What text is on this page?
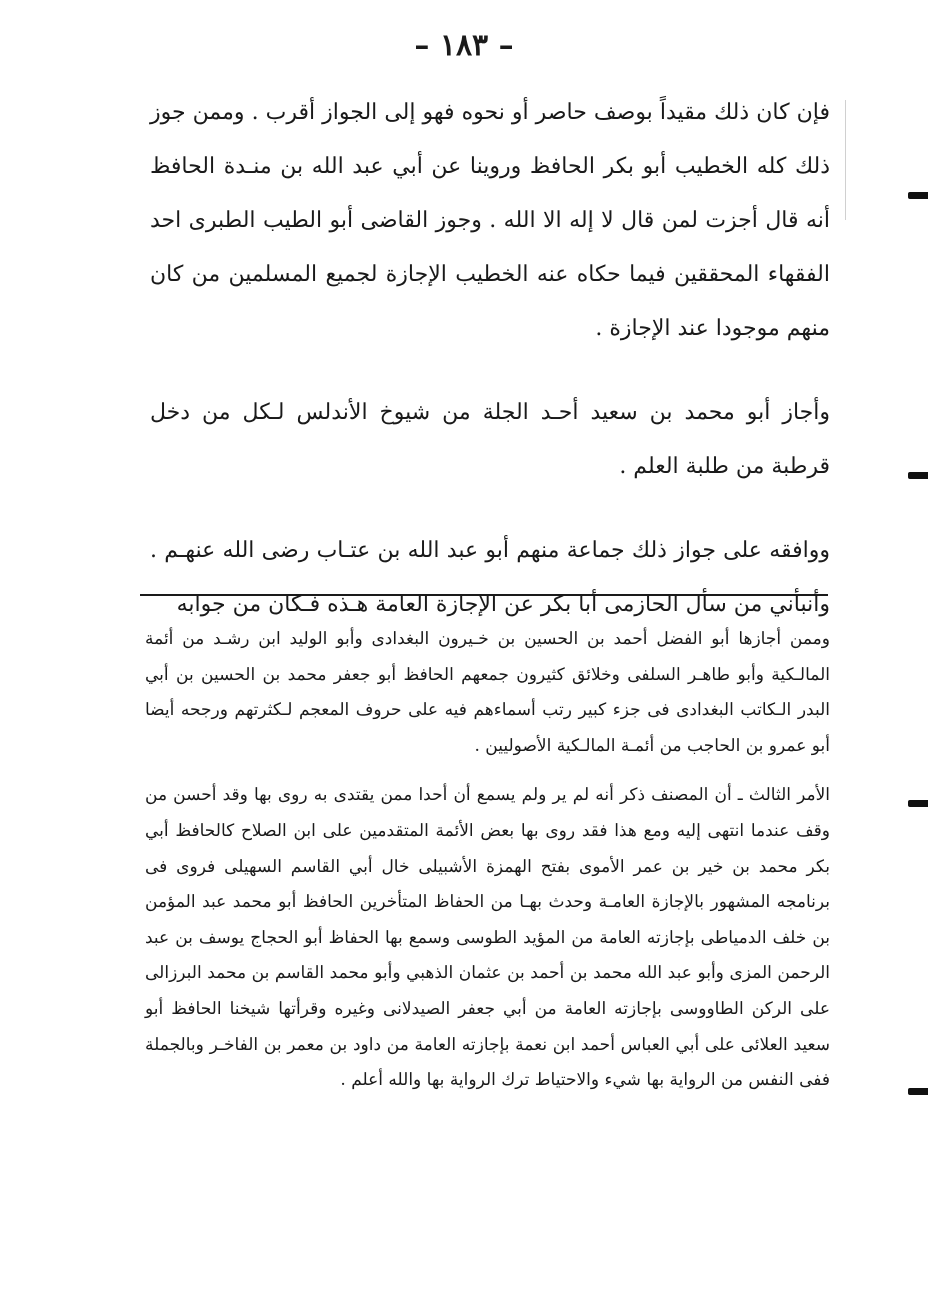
– ١٨٣ –

فإن كان ذلك مقيداً بوصف حاصر أو نحوه فهو إلى الجواز أقرب . وممن جوز ذلك كله الخطيب أبو بكر الحافظ وروينا عن أبي عبد الله بن منـدة الحافظ أنه قال أجزت لمن قال لا إله الا الله . وجوز القاضى أبو الطيب الطبرى احد الفقهاء المحققين فيما حكاه عنه الخطيب الإجازة لجميع المسلمين من كان منهم موجودا عند الإجازة .

وأجاز أبو محمد بن سعيد أحـد الجلة من شيوخ الأندلس لـكل من دخل قرطبة من طلبة العلم .

ووافقه على جواز ذلك جماعة منهم أبو عبد الله بن عتـاب رضى الله عنهـم . وأنبأني من سأل الحازمى أبا بكر عن الإجازة العامة هـذه فـكان من جوابه

وممن أجازها أبو الفضل أحمد بن الحسين بن خـيرون البغدادى وأبو الوليد ابن رشـد من أئمة المالـكية وأبو طاهـر السلفى وخلائق كثيرون جمعهم الحافظ أبو جعفر محمد بن الحسين بن أبي البدر الـكاتب البغدادى فى جزء كبير رتب أسماءهم فيه على حروف المعجم لـكثرتهم ورجحه أيضا أبو عمرو بن الحاجب من أئمـة المالـكية الأصوليين .

الأمر الثالث ـ أن المصنف ذكر أنه لم ير ولم يسمع أن أحدا ممن يقتدى به روى بها وقد أحسن من وقف عندما انتهى إليه ومع هذا فقد روى بها بعض الأئمة المتقدمين على ابن الصلاح كالحافظ أبي بكر محمد بن خير بن عمر الأموى بفتح الهمزة الأشبيلى خال أبي القاسم السهيلى فروى فى برنامجه المشهور بالإجازة العامـة وحدث بهـا من الحفاظ المتأخرين الحافظ أبو محمد عبد المؤمن بن خلف الدمياطى بإجازته العامة من المؤيد الطوسى وسمع بها الحفاظ أبو الحجاج يوسف بن عبد الرحمن المزى وأبو عبد الله محمد بن أحمد بن عثمان الذهبي وأبو محمد القاسم بن محمد البرزالى على الركن الطاووسى بإجازته العامة من أبي جعفر الصيدلانى وغيره وقرأتها شيخنا الحافظ أبو سعيد العلائى على أبي العباس أحمد ابن نعمة بإجازته العامة من داود بن معمر بن الفاخـر وبالجملة ففى النفس من الرواية بها شيء والاحتياط ترك الرواية بها والله أعلم .
